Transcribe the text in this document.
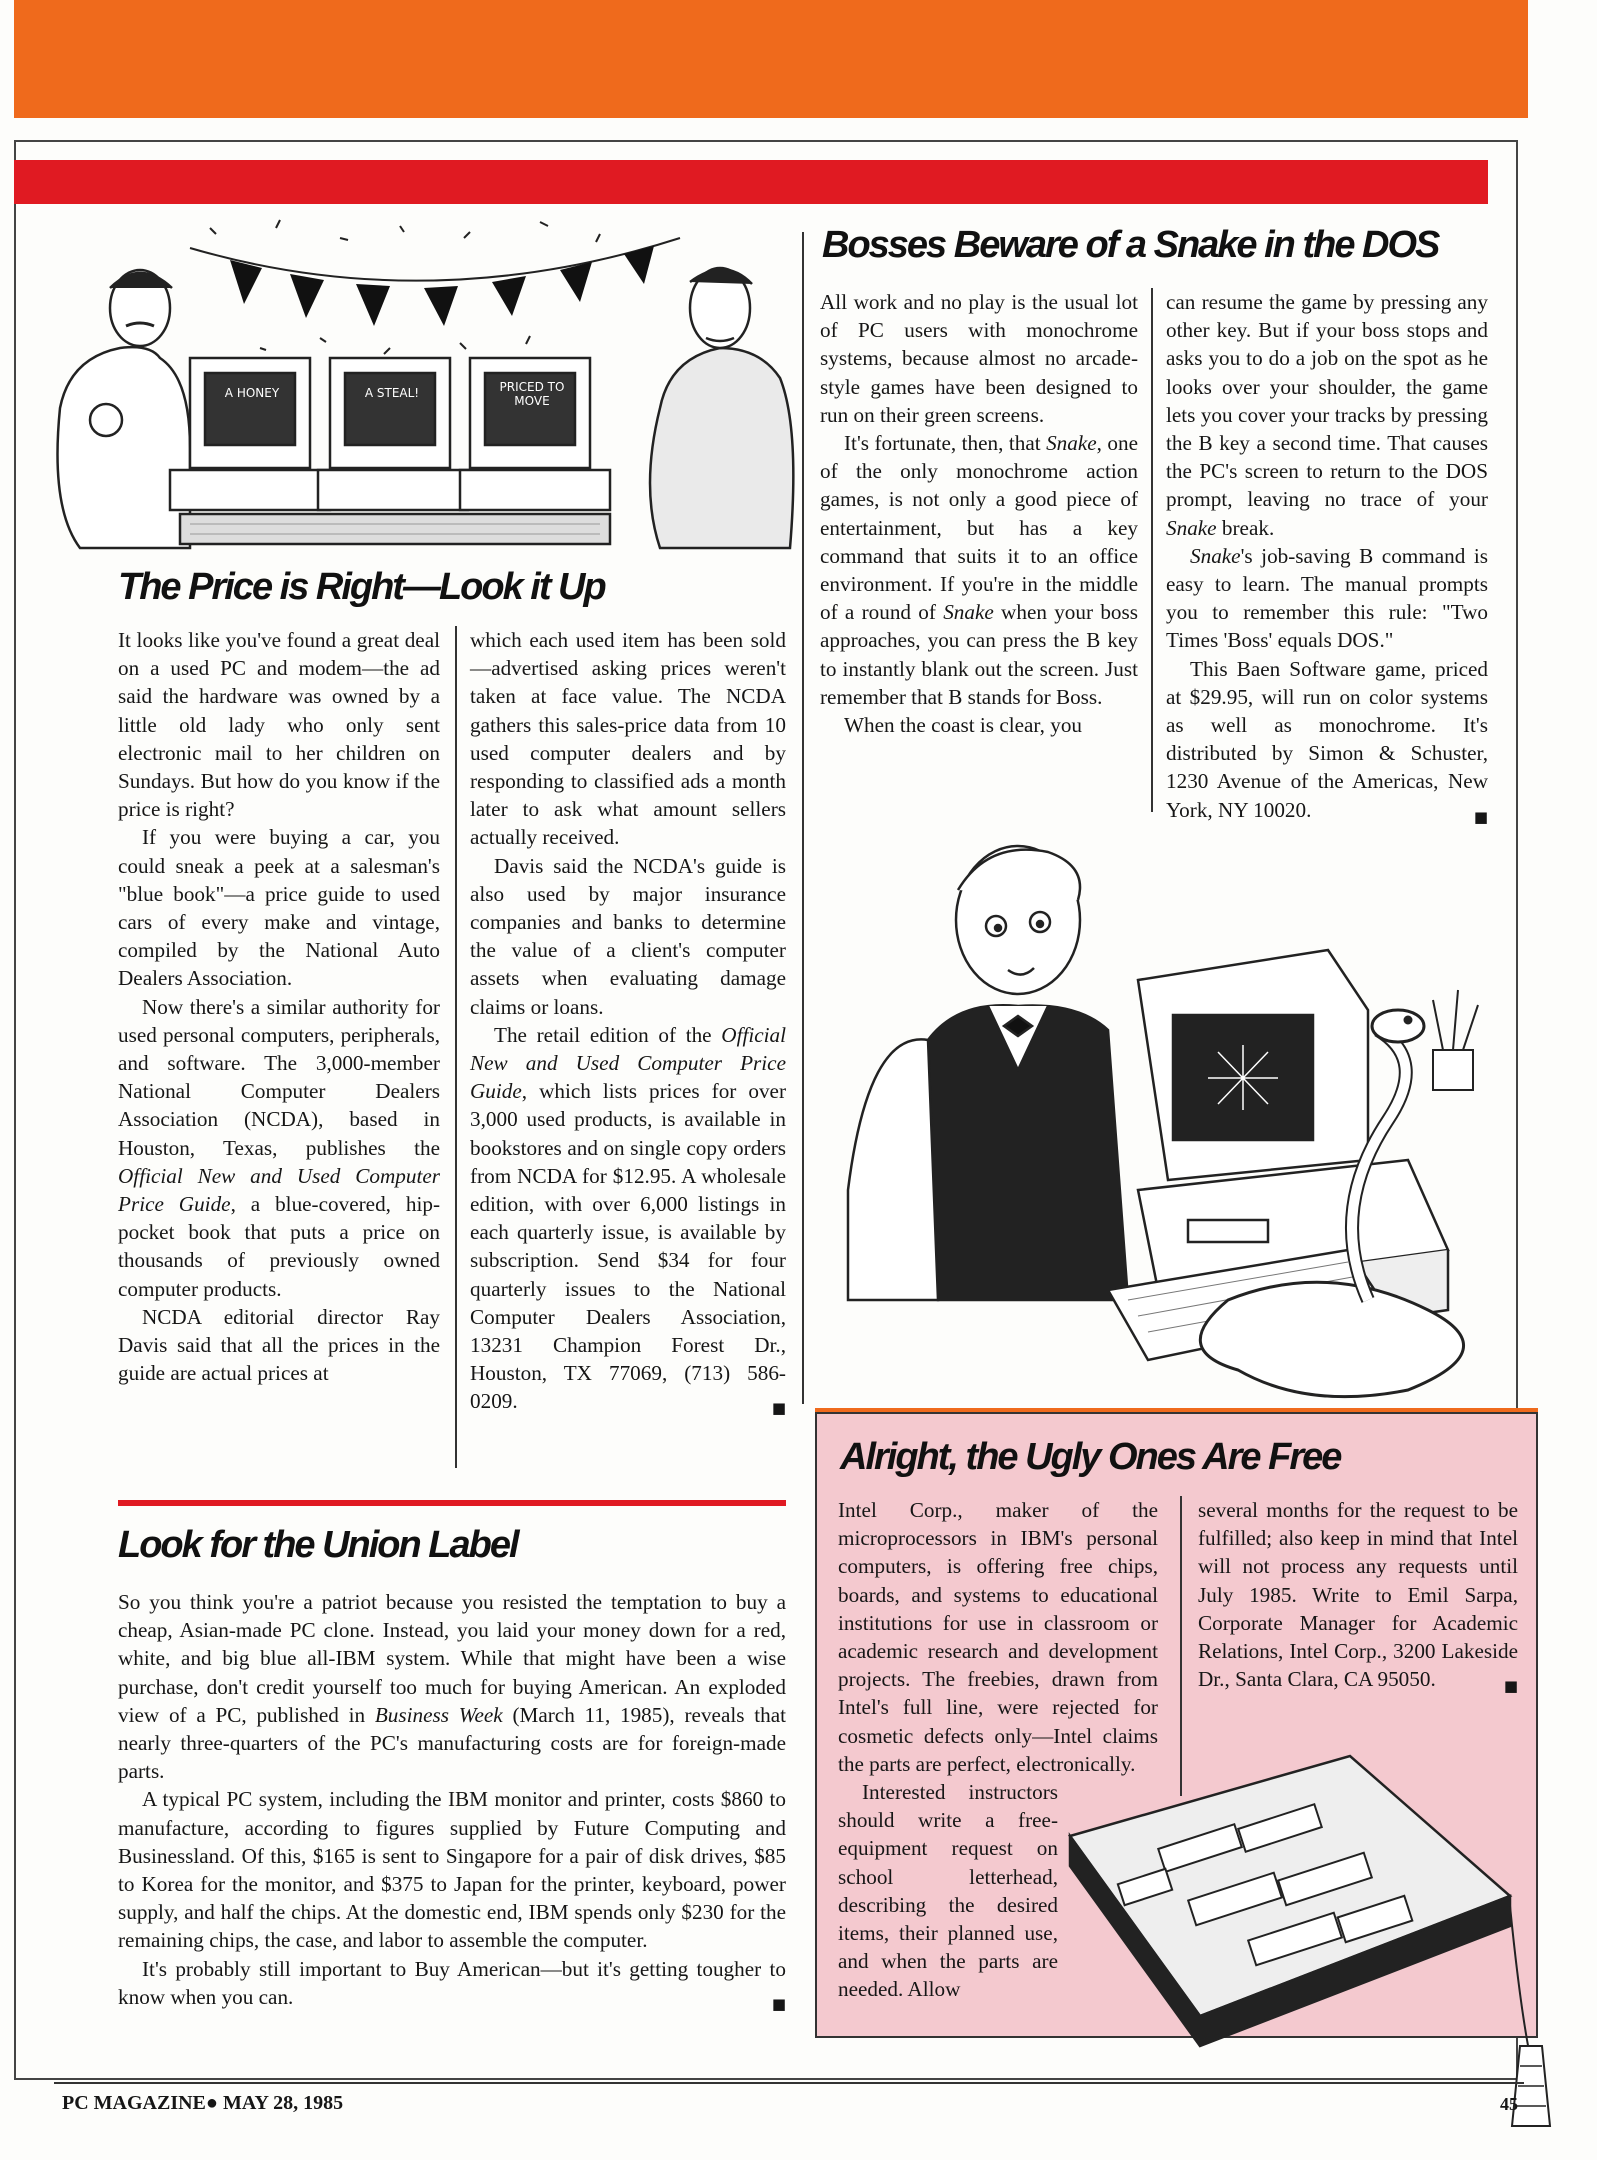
A HONEY	A STEAL!	PRICED TO MOVE
The Price is Right—Look it Up

It looks like you've found a great deal on a used PC and modem—the ad said the hardware was owned by a little old lady who only sent electronic mail to her children on Sundays. But how do you know if the price is right?

If you were buying a car, you could sneak a peek at a salesman's "blue book"—a price guide to used cars of every make and vintage, compiled by the National Auto Dealers Association.

Now there's a similar authority for used personal computers, peripherals, and software. The 3,000-member National Computer Dealers Association (NCDA), based in Houston, Texas, publishes the Official New and Used Computer Price Guide, a blue-covered, hip-pocket book that puts a price on thousands of previously owned computer products.

NCDA editorial director Ray Davis said that all the prices in the guide are actual prices at

which each used item has been sold—advertised asking prices weren't taken at face value. The NCDA gathers this sales-price data from 10 used computer dealers and by responding to classified ads a month later to ask what amount sellers actually received.

Davis said the NCDA's guide is also used by major insurance companies and banks to determine the value of a client's computer assets when evaluating damage claims or loans.

The retail edition of the Official New and Used Computer Price Guide, which lists prices for over 3,000 used products, is available in bookstores and on single copy orders from NCDA for $12.95. A wholesale edition, with over 6,000 listings in each quarterly issue, is available by subscription. Send $34 for four quarterly issues to the National Computer Dealers Association, 13231 Champion Forest Dr., Houston, TX 77069, (713) 586-0209.	■

Bosses Beware of a Snake in the DOS

All work and no play is the usual lot of PC users with monochrome systems, because almost no arcade-style games have been designed to run on their green screens.

It's fortunate, then, that Snake, one of the only monochrome action games, is not only a good piece of entertainment, but has a key command that suits it to an office environment. If you're in the middle of a round of Snake when your boss approaches, you can press the B key to instantly blank out the screen. Just remember that B stands for Boss.

When the coast is clear, you

can resume the game by pressing any other key. But if your boss stops and asks you to do a job on the spot as he looks over your shoulder, the game lets you cover your tracks by pressing the B key a second time. That causes the PC's screen to return to the DOS prompt, leaving no trace of your Snake break.

Snake's job-saving B command is easy to learn. The manual prompts you to remember this rule: "Two Times 'Boss' equals DOS."

This Baen Software game, priced at $29.95, will run on color systems as well as monochrome. It's distributed by Simon & Schuster, 1230 Avenue of the Americas, New York, NY 10020.	■

Look for the Union Label

So you think you're a patriot because you resisted the temptation to buy a cheap, Asian-made PC clone. Instead, you laid your money down for a red, white, and big blue all-IBM system. While that might have been a wise purchase, don't credit yourself too much for buying American. An exploded view of a PC, published in Business Week (March 11, 1985), reveals that nearly three-quarters of the PC's manufacturing costs are for foreign-made parts.

A typical PC system, including the IBM monitor and printer, costs $860 to manufacture, according to figures supplied by Future Computing and Businessland. Of this, $165 is sent to Singapore for a pair of disk drives, $85 to Korea for the monitor, and $375 to Japan for the printer, keyboard, power supply, and half the chips. At the domestic end, IBM spends only $230 for the remaining chips, the case, and labor to assemble the computer.

It's probably still important to Buy American—but it's getting tougher to know when you can.	■

Alright, the Ugly Ones Are Free

Intel Corp., maker of the microprocessors in IBM's personal computers, is offering free chips, boards, and systems to educational institutions for use in classroom or academic research and development projects. The freebies, drawn from Intel's full line, were rejected for cosmetic defects only—Intel claims the parts are perfect, electronically.

Interested instructors should write a free-equipment request on school letterhead, describing the desired items, their planned use, and when the parts are needed. Allow

several months for the request to be fulfilled; also keep in mind that Intel will not process any requests until July 1985. Write to Emil Sarpa, Corporate Manager for Academic Relations, Intel Corp., 3200 Lakeside Dr., Santa Clara, CA 95050.	■

PC MAGAZINE● MAY 28, 1985	45
